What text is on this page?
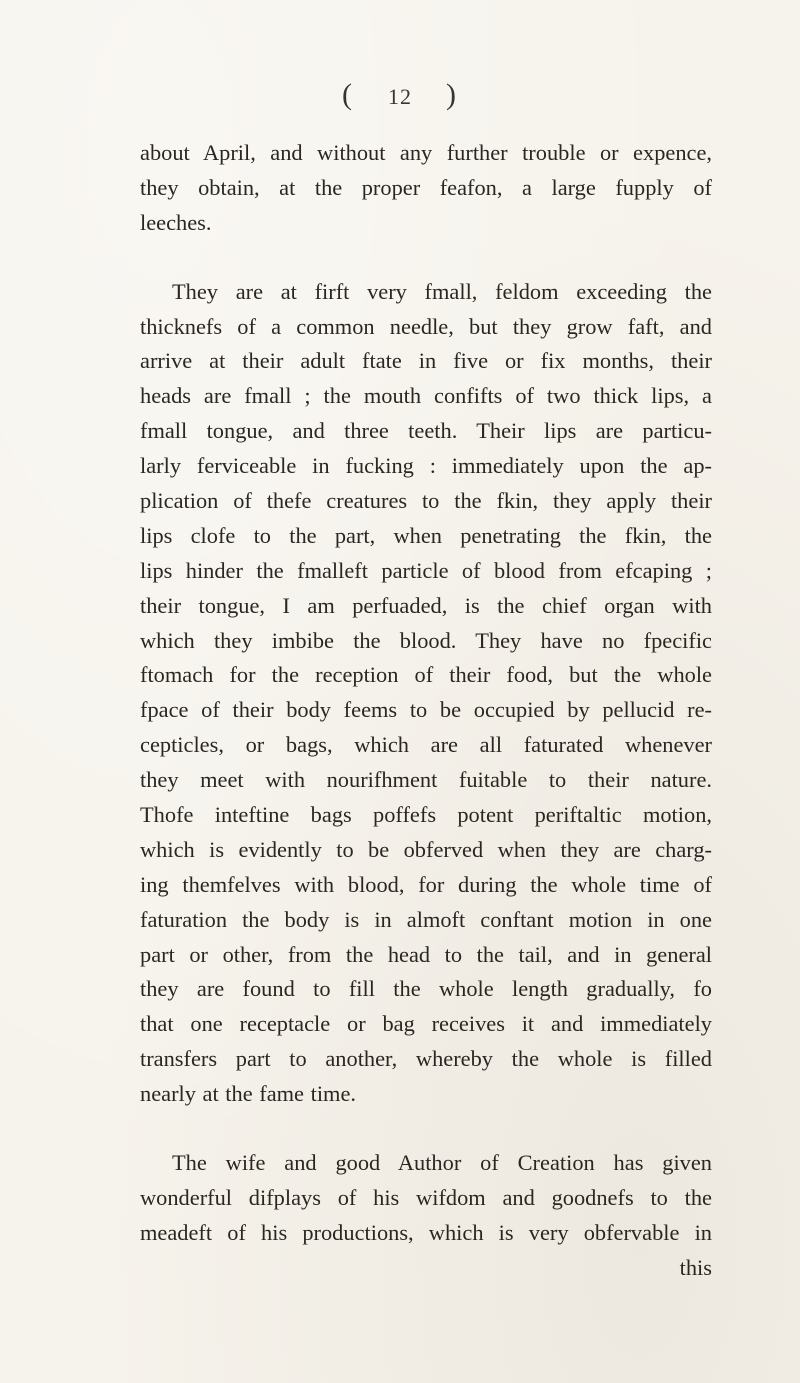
( 12 )
about April, and without any further trouble or expence,
they obtain, at the proper feafon, a large fupply of
leeches.
They are at firft very fmall, feldom exceeding the
thicknefs of a common needle, but they grow faft, and
arrive at their adult ftate in five or fix months, their
heads are fmall ; the mouth confifts of two thick lips, a
fmall tongue, and three teeth. Their lips are particu-
larly ferviceable in fucking : immediately upon the ap-
plication of thefe creatures to the fkin, they apply their
lips clofe to the part, when penetrating the fkin, the
lips hinder the fmalleft particle of blood from efcaping ;
their tongue, I am perfuaded, is the chief organ with
which they imbibe the blood. They have no fpecific
ftomach for the reception of their food, but the whole
fpace of their body feems to be occupied by pellucid re-
cepticles, or bags, which are all faturated whenever
they meet with nourifhment fuitable to their nature.
Thofe inteftine bags poffefs potent periftaltic motion,
which is evidently to be obferved when they are charg-
ing themfelves with blood, for during the whole time of
faturation the body is in almoft conftant motion in one
part or other, from the head to the tail, and in general
they are found to fill the whole length gradually, fo
that one receptacle or bag receives it and immediately
transfers part to another, whereby the whole is filled
nearly at the fame time.
The wife and good Author of Creation has given
wonderful difplays of his wifdom and goodnefs to the
meadeft of his productions, which is very obfervable in
this
